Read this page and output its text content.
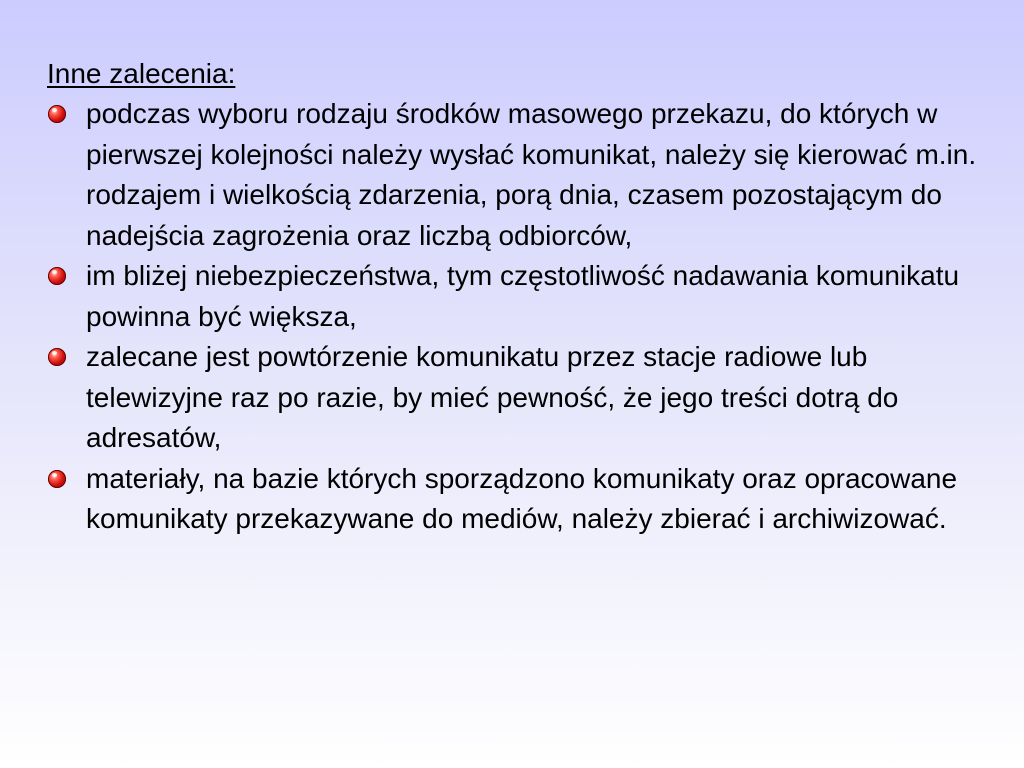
Inne zalecenia:
podczas wyboru rodzaju środków masowego przekazu, do których w pierwszej kolejności należy wysłać komunikat, należy się kierować m.in. rodzajem i wielkością zdarzenia, porą dnia, czasem pozostającym do nadejścia zagrożenia oraz liczbą odbiorców,
im bliżej niebezpieczeństwa, tym częstotliwość nadawania komunikatu powinna być większa,
zalecane jest powtórzenie komunikatu przez stacje radiowe lub telewizyjne raz po razie, by mieć pewność, że jego treści dotrą do adresatów,
materiały, na bazie których sporządzono komunikaty oraz opracowane komunikaty przekazywane do mediów, należy zbierać i archiwizować.
